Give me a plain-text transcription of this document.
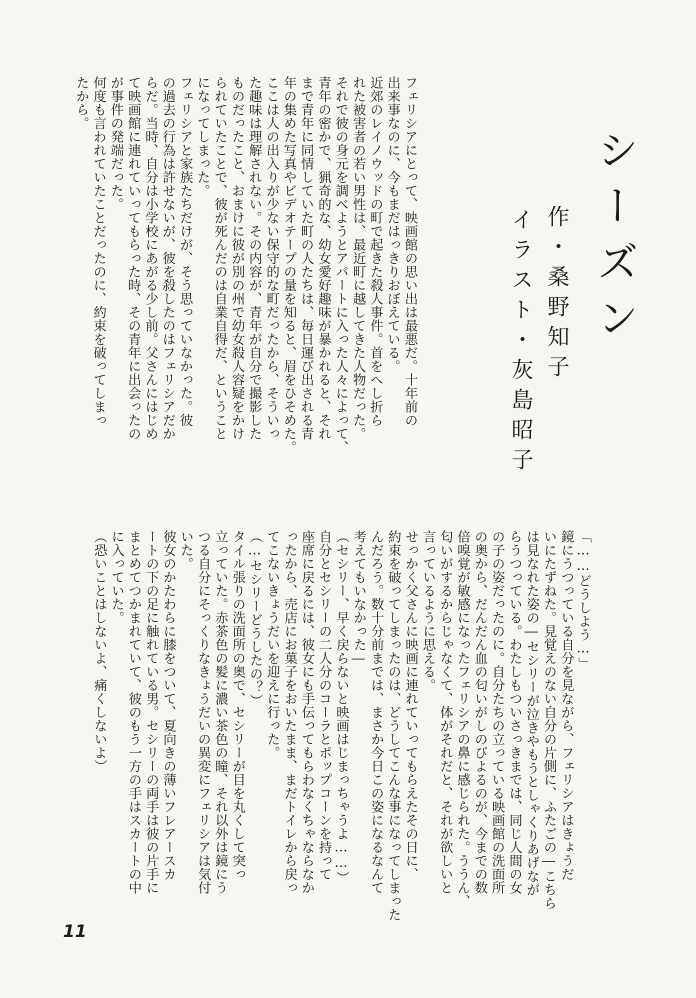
シーズン
作・桑野知子
イラスト・灰島昭子
フェリシアにとって、映画館の思い出は最悪だ。十年前の
出来事なのに、今もまだはっきりおぼえている。
近郊のレイノウッドの町で起きた殺人事件。首をへし折ら
れた被害者の若い男性は、最近町に越してきた人物だった。
それで彼の身元を調べようとアパートに入った人々によって、
青年の密かで、猟奇的な、幼女愛好趣味が暴かれると、それ
まで青年に同情していた町の人たちは、毎日運び出される青
年の集めた写真やビデオテープの量を知ると、眉をひそめた。
ここは人の出入りが少ない保守的な町だったから、そういっ
た趣味は理解されない。その内容が、青年が自分で撮影した
ものだったこと、おまけに彼が別の州で幼女殺人容疑をかけ
られていたことで、彼が死んだのは自業自得だ、ということ
になってしまった。
フェリシアと家族たちだけが、そう思っていなかった。彼
の過去の行為は許せないが、彼を殺したのはフェリシアだか
らだ。当時、自分は小学校にあがる少し前。父さんにはじめ
て映画館に連れていってもらった時、その青年に出会ったの
が事件の発端だった。
何度も言われていたことだったのに、約束を破ってしまっ
たから。
「……どうしよう…」
鏡にうつっている自分を見ながら、フェリシアはきょうだ
いにたずねた。見覚えのない自分の片側に、ふたごの―こちら
は見なれた姿の―セシリーが泣きやもうとしゃくりあげなが
らうつっている。わたしもついさっきまでは、同じ人間の女
の子の姿だったのに。自分たちの立っている映画館の洗面所
の奥から、だんだん血の匂いがしのびよるのが、今までの数
倍嗅覚が敏感になったフェリシアの鼻に感じられた。ううん、
匂いがするからじゃなくて、体がそれだと、それが欲しいと
言っているように思える。
せっかく父さんに映画に連れていってもらえたその日に、
約束を破ってしまったのは、どうしてこんな事になってしまった
んだろう。数十分前までは、まさか今日この姿になるなんて
考えてもいなかった―
（セシリー、早く戻らないと映画はじまっちゃうよ……）
自分とセシリーの二人分のコーラとポップコーンを持って
座席に戻るには、彼女にも手伝ってもらわなくちゃならなか
ったから、売店にお菓子をおいたまま、まだトイレから戻っ
てこないきょうだいを迎えに行った。
（…セシリーどうしたの？）
タイル張りの洗面所の奥で、セシリーが目を丸くして突っ
立っていた。赤茶色の髪に濃い茶色の瞳、それ以外は鏡にう
つる自分にそっくりなきょうだいの異変にフェリシアは気付
いた。
彼女のかたわらに膝をついて、夏向きの薄いフレアースカ
ートの下の足に触れている男。セシリーの両手は彼の片手に
まとめてつかまれていて、彼のもう一方の手はスカートの中
に入っていた。
（恐いことはしないよ、痛くしないよ）
11
